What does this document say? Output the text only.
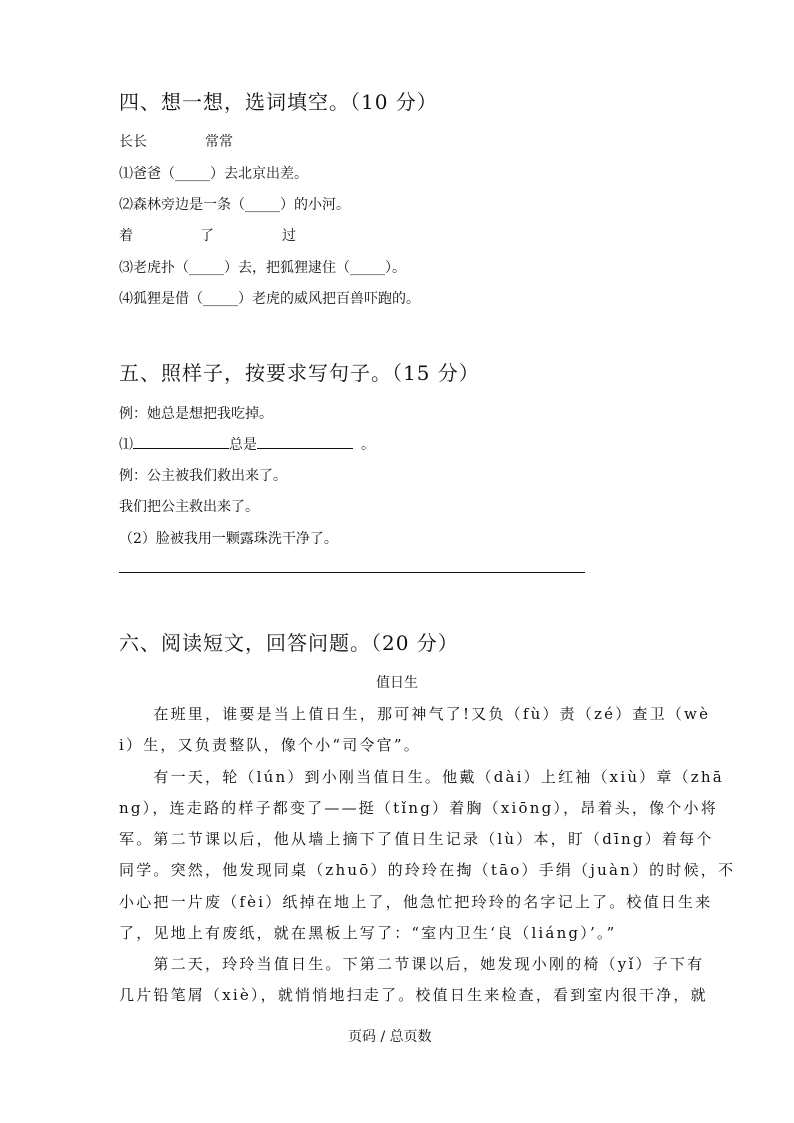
四、想一想，选词填空。（10 分）
长长	常常
⑴爸爸（_____）去北京出差。
⑵森林旁边是一条（_____）的小河。
着	了	过
⑶老虎扑（_____）去，把狐狸逮住（_____）。
⑷狐狸是借（_____）老虎的威风把百兽吓跑的。
五、照样子，按要求写句子。（15 分）
例：她总是想把我吃掉。
⑴	总是	。
例：公主被我们救出来了。
我们把公主救出来了。
（2）脸被我用一颗露珠洗干净了。
六、阅读短文，回答问题。（20 分）
值日生
　　在班里，谁要是当上值日生，那可神气了!又负（fù）责（zé）查卫（wè
i）生，又负责整队，像个小“司令官”。
　　有一天，轮（lún）到小刚当值日生。他戴（dài）上红袖（xiù）章（zhā
ng），连走路的样子都变了——挺（tǐng）着胸（xiōng），昂着头，像个小将
军。第二节课以后，他从墙上摘下了值日生记录（lù）本，盯（dīng）着每个
同学。突然，他发现同桌（zhuō）的玲玲在掏（tāo）手绢（juàn）的时候，不
小心把一片废（fèi）纸掉在地上了，他急忙把玲玲的名字记上了。校值日生来
了，见地上有废纸，就在黑板上写了：“室内卫生‘良（liáng）’。”
　　第二天，玲玲当值日生。下第二节课以后，她发现小刚的椅（yǐ）子下有
几片铅笔屑（xiè），就悄悄地扫走了。校值日生来检查，看到室内很干净，就
页码 / 总页数
